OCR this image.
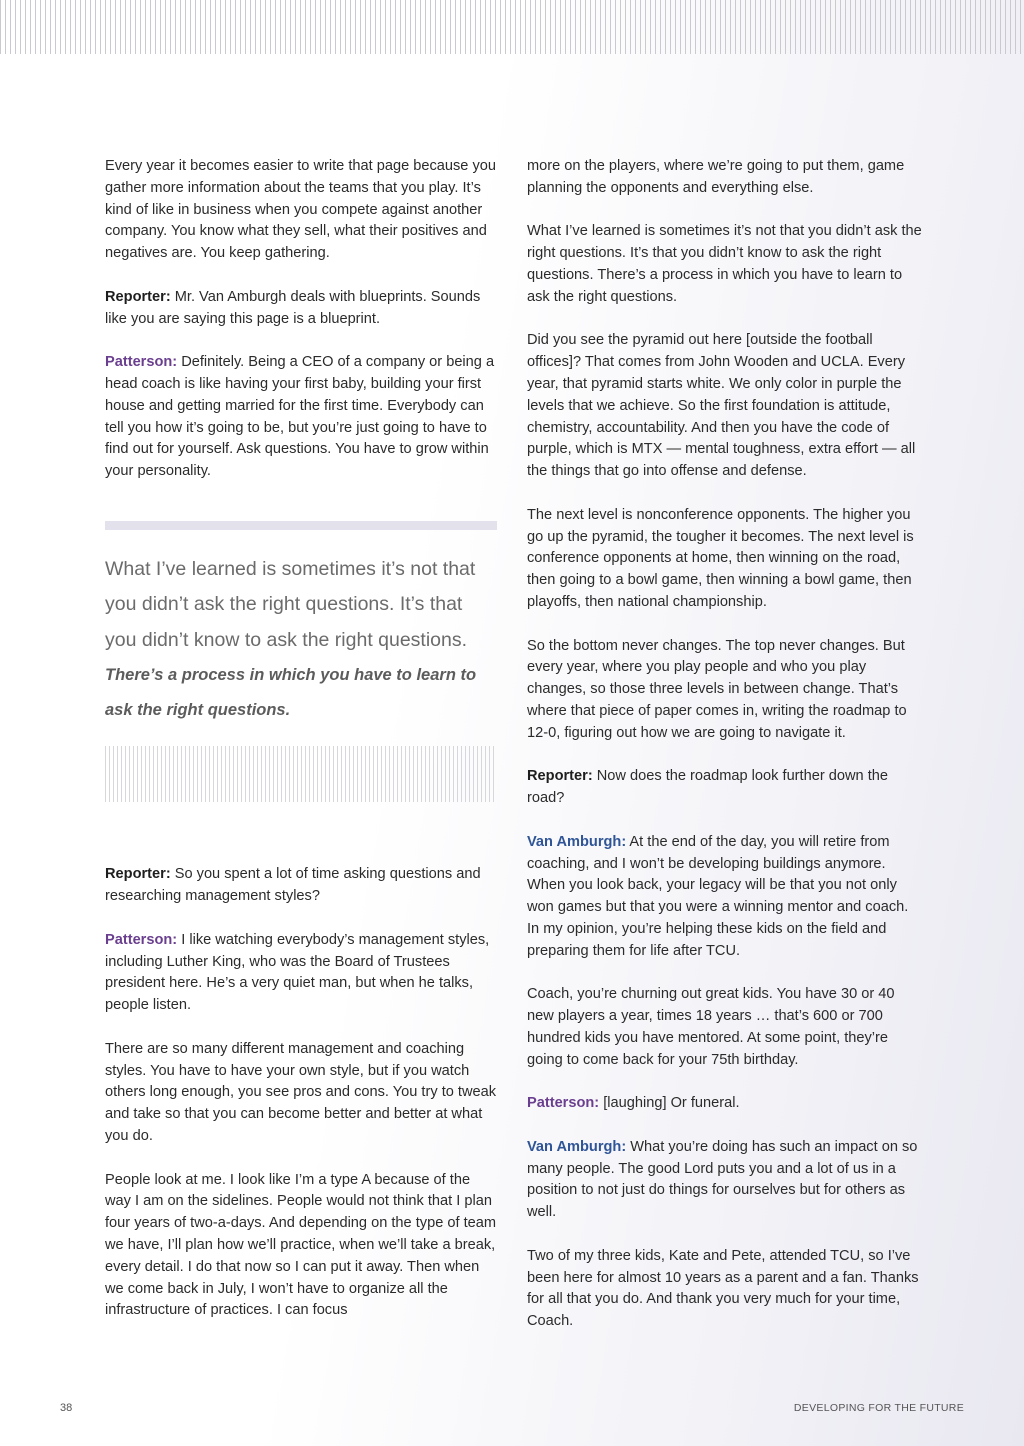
Every year it becomes easier to write that page because you gather more information about the teams that you play. It’s kind of like in business when you compete against another company. You know what they sell, what their positives and negatives are. You keep gathering.

Reporter: Mr. Van Amburgh deals with blueprints. Sounds like you are saying this page is a blueprint.

Patterson: Definitely. Being a CEO of a company or being a head coach is like having your first baby, building your first house and getting married for the first time. Everybody can tell you how it’s going to be, but you’re just going to have to find out for yourself. Ask questions. You have to grow within your personality.

What I’ve learned is sometimes it’s not that you didn’t ask the right questions. It’s that you didn’t know to ask the right questions.
There’s a process in which you have to learn to ask the right questions.

Reporter: So you spent a lot of time asking questions and researching management styles?

Patterson: I like watching everybody’s management styles, including Luther King, who was the Board of Trustees president here. He’s a very quiet man, but when he talks, people listen.

There are so many different management and coaching styles. You have to have your own style, but if you watch others long enough, you see pros and cons. You try to tweak and take so that you can become better and better at what you do.

People look at me. I look like I’m a type A because of the way I am on the sidelines. People would not think that I plan four years of two-a-days. And depending on the type of team we have, I’ll plan how we’ll practice, when we’ll take a break, every detail. I do that now so I can put it away. Then when we come back in July, I won’t have to organize all the infrastructure of practices. I can focus

more on the players, where we’re going to put them, game planning the opponents and everything else.

What I’ve learned is sometimes it’s not that you didn’t ask the right questions. It’s that you didn’t know to ask the right questions. There’s a process in which you have to learn to ask the right questions.

Did you see the pyramid out here [outside the football offices]? That comes from John Wooden and UCLA. Every year, that pyramid starts white. We only color in purple the levels that we achieve. So the first foundation is attitude, chemistry, accountability. And then you have the code of purple, which is MTX — mental toughness, extra effort — all the things that go into offense and defense.

The next level is nonconference opponents. The higher you go up the pyramid, the tougher it becomes. The next level is conference opponents at home, then winning on the road, then going to a bowl game, then winning a bowl game, then playoffs, then national championship.

So the bottom never changes. The top never changes. But every year, where you play people and who you play changes, so those three levels in between change. That’s where that piece of paper comes in, writing the roadmap to 12-0, figuring out how we are going to navigate it.

Reporter: Now does the roadmap look further down the road?

Van Amburgh: At the end of the day, you will retire from coaching, and I won’t be developing buildings anymore. When you look back, your legacy will be that you not only won games but that you were a winning mentor and coach. In my opinion, you’re helping these kids on the field and preparing them for life after TCU.

Coach, you’re churning out great kids. You have 30 or 40 new players a year, times 18 years … that’s 600 or 700 hundred kids you have mentored. At some point, they’re going to come back for your 75th birthday.

Patterson: [laughing] Or funeral.

Van Amburgh: What you’re doing has such an impact on so many people. The good Lord puts you and a lot of us in a position to not just do things for ourselves but for others as well.

Two of my three kids, Kate and Pete, attended TCU, so I’ve been here for almost 10 years as a parent and a fan. Thanks for all that you do. And thank you very much for your time, Coach.

38	DEVELOPING FOR THE FUTURE
